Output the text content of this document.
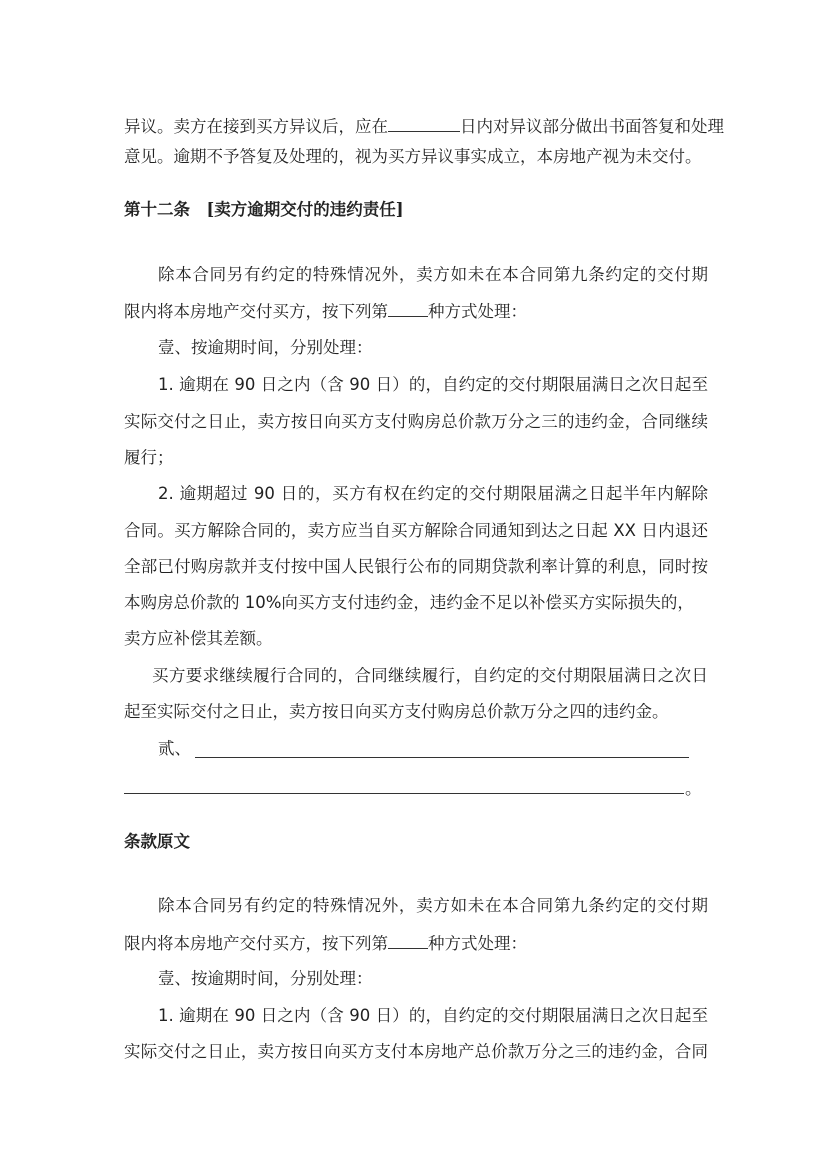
异议。卖方在接到买方异议后，应在	日内对异议部分做出书面答复和处理
意见。逾期不予答复及处理的，视为买方异议事实成立，本房地产视为未交付。
第十二条　[卖方逾期交付的违约责任]
除本合同另有约定的特殊情况外，卖方如未在本合同第九条约定的交付期
限内将本房地产交付买方，按下列第 种方式处理：
壹、按逾期时间，分别处理：
1. 逾期在 90 日之内（含 90 日）的，自约定的交付期限届满日之次日起至
实际交付之日止，卖方按日向买方支付购房总价款万分之三的违约金，合同继续
履行；
2. 逾期超过 90 日的，买方有权在约定的交付期限届满之日起半年内解除
合同。买方解除合同的，卖方应当自买方解除合同通知到达之日起 XX 日内退还
全部已付购房款并支付按中国人民银行公布的同期贷款利率计算的利息，同时按
本购房总价款的 10%向买方支付违约金，违约金不足以补偿买方实际损失的，
卖方应补偿其差额。
买方要求继续履行合同的，合同继续履行，自约定的交付期限届满日之次日
起至实际交付之日止，卖方按日向买方支付购房总价款万分之四的违约金。
贰、
。
条款原文
除本合同另有约定的特殊情况外，卖方如未在本合同第九条约定的交付期
限内将本房地产交付买方，按下列第 种方式处理：
壹、按逾期时间，分别处理：
1. 逾期在 90 日之内（含 90 日）的，自约定的交付期限届满日之次日起至
实际交付之日止，卖方按日向买方支付本房地产总价款万分之三的违约金，合同
